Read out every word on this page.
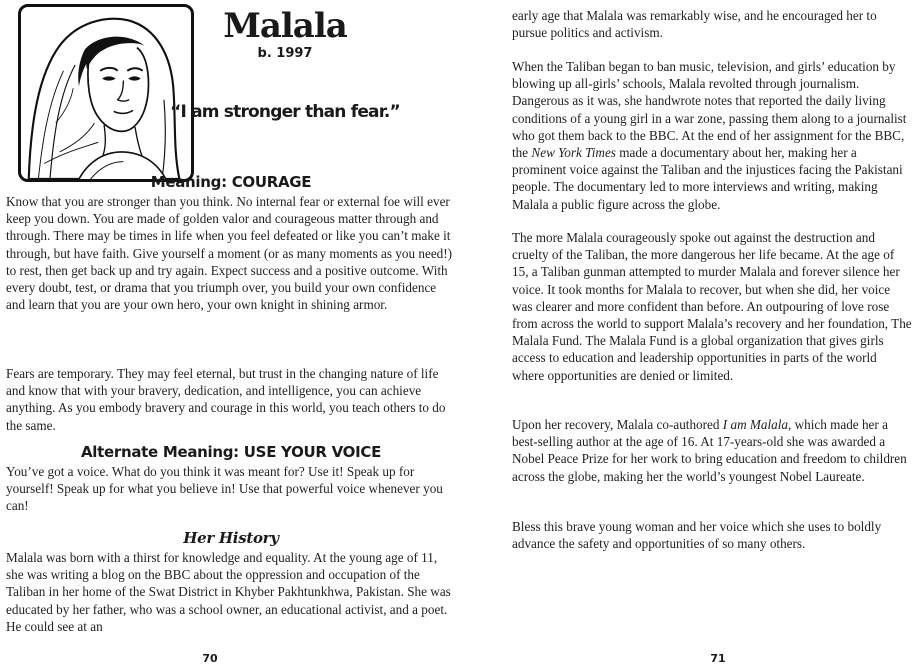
Malala
b. 1997
“I am stronger than fear.”
Meaning: COURAGE

Know that you are stronger than you think. No internal fear or external foe will ever keep you down. You are made of golden valor and courageous matter through and through. There may be times in life when you feel defeated or like you can’t make it through, but have faith. Give yourself a moment (or as many moments as you need!) to rest, then get back up and try again. Expect success and a positive outcome. With every doubt, test, or drama that you triumph over, you build your own confidence and learn that you are your own hero, your own knight in shining armor.

Fears are temporary. They may feel eternal, but trust in the changing nature of life and know that with your bravery, dedication, and intelligence, you can achieve anything. As you embody bravery and courage in this world, you teach others to do the same.

Alternate Meaning: USE YOUR VOICE

You’ve got a voice. What do you think it was meant for? Use it! Speak up for yourself! Speak up for what you believe in! Use that powerful voice whenever you can!

Her History

Malala was born with a thirst for knowledge and equality. At the young age of 11, she was writing a blog on the BBC about the oppression and occupation of the Taliban in her home of the Swat District in Khyber Pakhtunkhwa, Pakistan. She was educated by her father, who was a school owner, an educational activist, and a poet. He could see at an

70

early age that Malala was remarkably wise, and he encouraged her to pursue politics and activism.

When the Taliban began to ban music, television, and girls’ education by blowing up all-girls’ schools, Malala revolted through journalism. Dangerous as it was, she handwrote notes that reported the daily living conditions of a young girl in a war zone, passing them along to a journalist who got them back to the BBC. At the end of her assignment for the BBC, the New York Times made a documentary about her, making her a prominent voice against the Taliban and the injustices facing the Pakistani people. The documentary led to more interviews and writing, making Malala a public figure across the globe.

The more Malala courageously spoke out against the destruction and cruelty of the Taliban, the more dangerous her life became. At the age of 15, a Taliban gunman attempted to murder Malala and forever silence her voice. It took months for Malala to recover, but when she did, her voice was clearer and more confident than before. An outpouring of love rose from across the world to support Malala’s recovery and her foundation, The Malala Fund. The Malala Fund is a global organization that gives girls access to education and leadership opportunities in parts of the world where opportunities are denied or limited.

Upon her recovery, Malala co-authored I am Malala, which made her a best-selling author at the age of 16. At 17-years-old she was awarded a Nobel Peace Prize for her work to bring education and freedom to children across the globe, making her the world’s youngest Nobel Laureate.

Bless this brave young woman and her voice which she uses to boldly advance the safety and opportunities of so many others.

71
